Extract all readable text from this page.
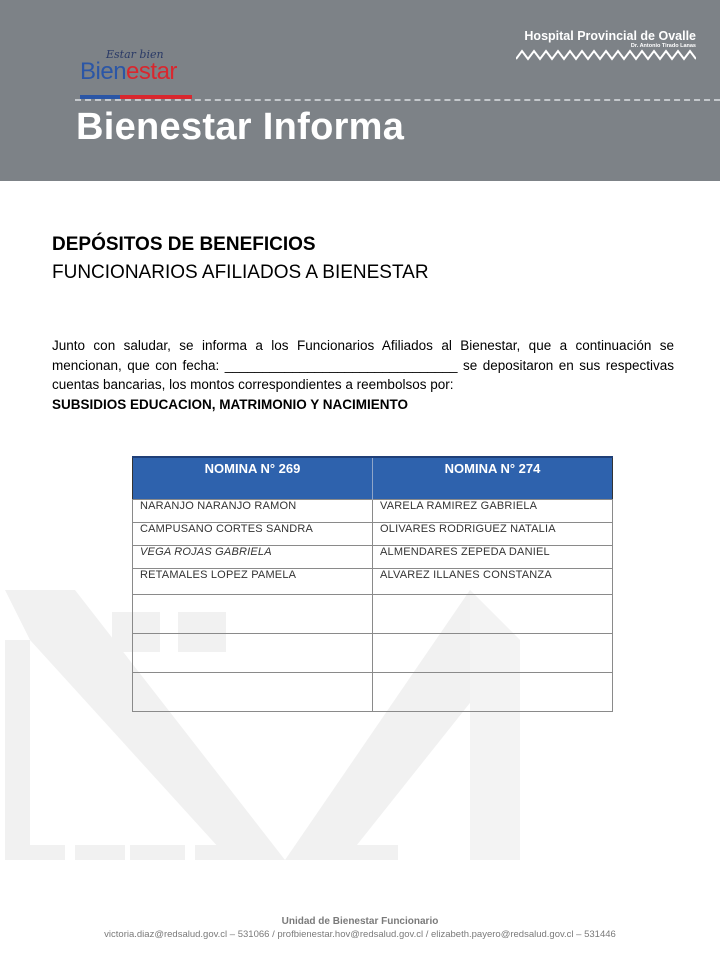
Estar bien
Bienestar
Hospital Provincial de Ovalle
Dr. Antonio Tirado Lanas
Bienestar Informa
DEPÓSITOS DE BENEFICIOS
FUNCIONARIOS AFILIADOS A BIENESTAR
Junto con saludar, se informa a los Funcionarios Afiliados al Bienestar, que a continuación se mencionan, que con fecha: _______________________________ se depositaron en sus respectivas cuentas bancarias, los montos correspondientes a reembolsos por:
SUBSIDIOS EDUCACION, MATRIMONIO Y NACIMIENTO
NOMINA N° 269	NOMINA N° 274
NARANJO NARANJO RAMON	VARELA RAMIREZ GABRIELA
CAMPUSANO CORTES SANDRA	OLIVARES RODRIGUEZ NATALIA
VEGA ROJAS GABRIELA	ALMENDARES ZEPEDA DANIEL
RETAMALES LOPEZ PAMELA	ALVAREZ ILLANES CONSTANZA

Unidad de Bienestar Funcionario
victoria.diaz@redsalud.gov.cl – 531066 / profbienestar.hov@redsalud.gov.cl / elizabeth.payero@redsalud.gov.cl – 531446
